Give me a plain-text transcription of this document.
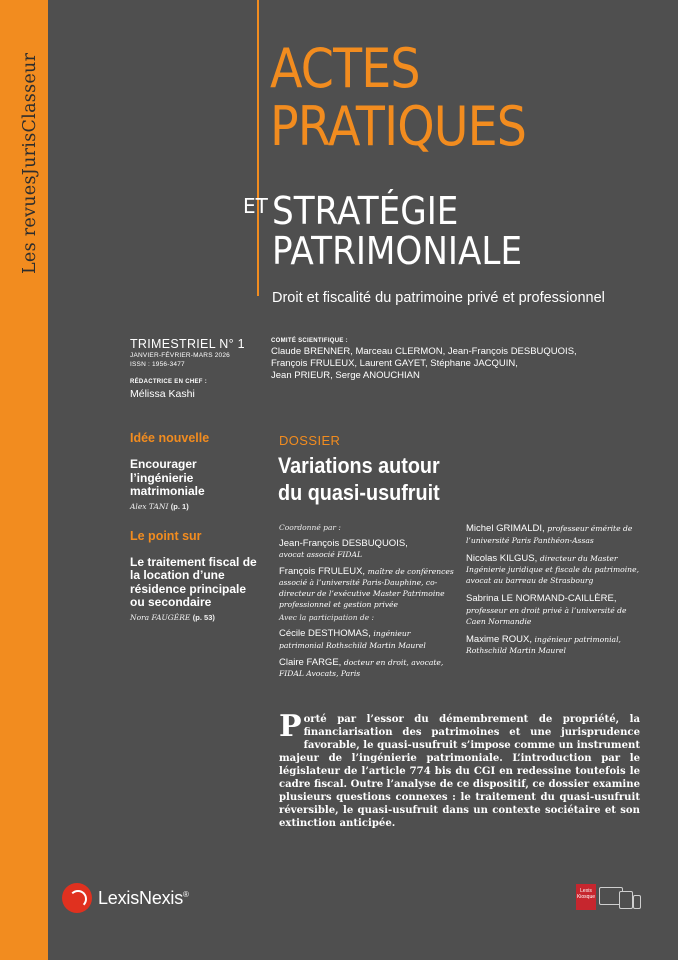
Les revues
JurisClasseur	ACTES
PRATIQUES
ET STRATÉGIE
PATRIMONIALE
Droit et fiscalité du patrimoine privé et professionnel
TRIMESTRIEL N° 1
JANVIER-FÉVRIER-MARS 2026
ISSN : 1956-3477
RÉDACTRICE EN CHEF :
Mélissa Kashi
COMITÉ SCIENTIFIQUE :
Claude BRENNER, Marceau CLERMON, Jean-François DESBUQUOIS,
François FRULEUX, Laurent GAYET, Stéphane JACQUIN,
Jean PRIEUR, Serge ANOUCHIAN
Idée nouvelle
Encourager l’ingénierie matrimoniale
Alex TANI (p. 1)
Le point sur
Le traitement fiscal de la location d’une résidence principale ou secondaire
Nora FAUGÈRE (p. 53)
DOSSIER
Variations autour
du quasi-usufruit
Coordonné par :
Jean-François DESBUQUOIS,
avocat associé FIDAL
François FRULEUX, maître de conférences associé à l’université Paris-Dauphine, co-directeur de l’exécutive Master Patrimoine professionnel et gestion privée
Avec la participation de :
Cécile DESTHOMAS, ingénieur patrimonial Rothschild Martin Maurel
Claire FARGE, docteur en droit, avocate, FIDAL Avocats, Paris
Michel GRIMALDI, professeur émérite de l’université Paris Panthéon-Assas
Nicolas KILGUS, directeur du Master Ingénierie juridique et fiscale du patrimoine, avocat au barreau de Strasbourg
Sabrina LE NORMAND-CAILLÈRE, professeur en droit privé à l’université de Caen Normandie
Maxime ROUX, ingénieur patrimonial, Rothschild Martin Maurel
Porté par l’essor du démembrement de propriété, la financiarisation des patrimoines et une jurisprudence favorable, le quasi-usufruit s’impose comme un instrument majeur de l’ingénierie patrimoniale. L’introduction par le législateur de l’article 774 bis du CGI en redessine toutefois le cadre fiscal. Outre l’analyse de ce dispositif, ce dossier examine plusieurs questions connexes : le traitement du quasi-usufruit réversible, le quasi-usufruit dans un contexte sociétaire et son extinction anticipée.
LexisNexis®	Lexis
Kiosque
